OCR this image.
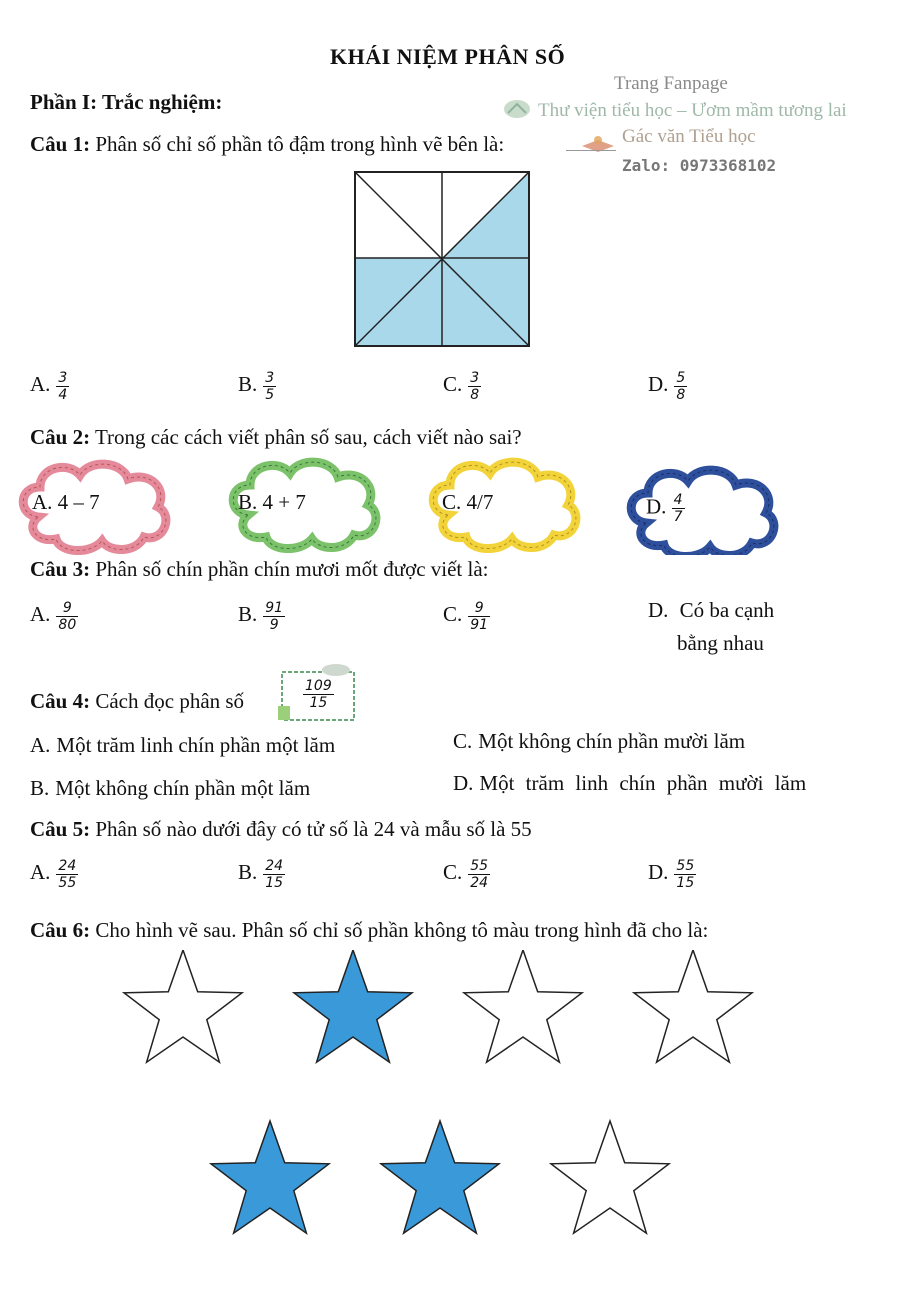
KHÁI NIỆM PHÂN SỐ
Phần I: Trắc nghiệm:
Trang Fanpage
Thư viện tiểu học – Ươm mầm tương lai
Gác văn Tiểu học
Zalo: 0973368102
Câu 1: Phân số chỉ số phần tô đậm trong hình vẽ bên là:
A. $\frac{3}{4}$	B. $\frac{3}{5}$	C. $\frac{3}{8}$	D. $\frac{5}{8}$
Câu 2: Trong các cách viết phân số sau, cách viết nào sai?
A. 4 – 7	B. 4 + 7	C. 4/7	D. $\frac{4}{7}$
Câu 3: Phân số chín phần chín mươi mốt được viết là:
A. $\frac{9}{80}$	B. $\frac{91}{9}$	C. $\frac{9}{91}$	D. Có ba cạnh
bằng nhau
Câu 4: Cách đọc phân số	$\frac{109}{15}$
A. Một trăm linh chín phần một lăm	C. Một không chín phần mười lăm
B. Một không chín phần một lăm	D. Một trăm linh chín phần mười lăm
Câu 5: Phân số nào dưới đây có tử số là 24 và mẫu số là 55
A. $\frac{24}{55}$	B. $\frac{24}{15}$	C. $\frac{55}{24}$	D. $\frac{55}{15}$
Câu 6: Cho hình vẽ sau. Phân số chỉ số phần không tô màu trong hình đã cho là:
